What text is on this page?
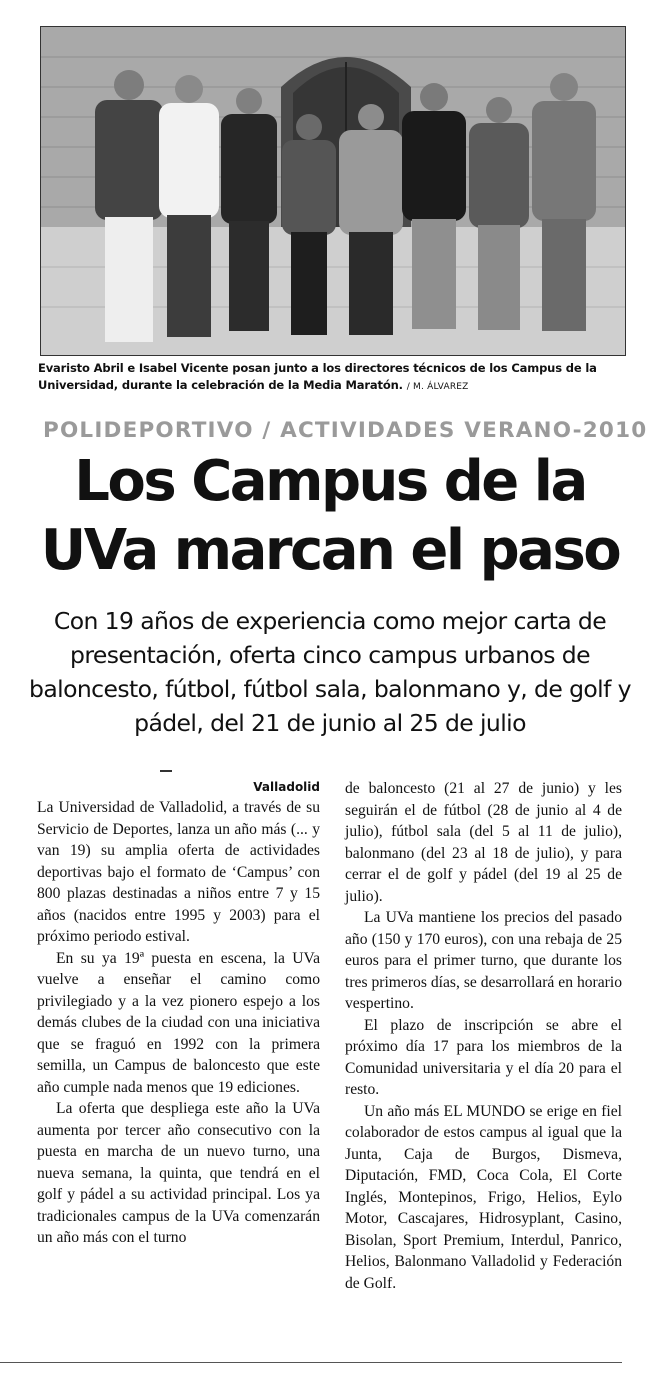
Evaristo Abril e Isabel Vicente posan junto a los directores técnicos de los Campus de la Universidad, durante la celebración de la Media Maratón. / M. ÁLVAREZ
POLIDEPORTIVO / ACTIVIDADES VERANO-2010
Los Campus de la UVa marcan el paso

Con 19 años de experiencia como mejor carta de presentación, oferta cinco campus urbanos de baloncesto, fútbol, fútbol sala, balonmano y, de golf y pádel, del 21 de junio al 25 de julio

Valladolid

La Universidad de Valladolid, a través de su Servicio de Deportes, lanza un año más (... y van 19) su amplia oferta de actividades deportivas bajo el formato de ‘Campus’ con 800 plazas destinadas a niños entre 7 y 15 años (nacidos entre 1995 y 2003) para el próximo periodo estival.

En su ya 19ª puesta en escena, la UVa vuelve a enseñar el camino como privilegiado y a la vez pionero espejo a los demás clubes de la ciudad con una iniciativa que se fraguó en 1992 con la primera semilla, un Campus de baloncesto que este año cumple nada menos que 19 ediciones.

La oferta que despliega este año la UVa aumenta por tercer año consecutivo con la puesta en marcha de un nuevo turno, una nueva semana, la quinta, que tendrá en el golf y pádel a su actividad principal. Los ya tradicionales campus de la UVa comenzarán un año más con el turno

de baloncesto (21 al 27 de junio) y les seguirán el de fútbol (28 de junio al 4 de julio), fútbol sala (del 5 al 11 de julio), balonmano (del 23 al 18 de julio), y para cerrar el de golf y pádel (del 19 al 25 de julio).

La UVa mantiene los precios del pasado año (150 y 170 euros), con una rebaja de 25 euros para el primer turno, que durante los tres primeros días, se desarrollará en horario vespertino.

El plazo de inscripción se abre el próximo día 17 para los miembros de la Comunidad universitaria y el día 20 para el resto.

Un año más EL MUNDO se erige en fiel colaborador de estos campus al igual que la Junta, Caja de Burgos, Dismeva, Diputación, FMD, Coca Cola, El Corte Inglés, Montepinos, Frigo, Helios, Eylo Motor, Cascajares, Hidrosyplant, Casino, Bisolan, Sport Premium, Interdul, Panrico, Helios, Balonmano Valladolid y Federación de Golf.
